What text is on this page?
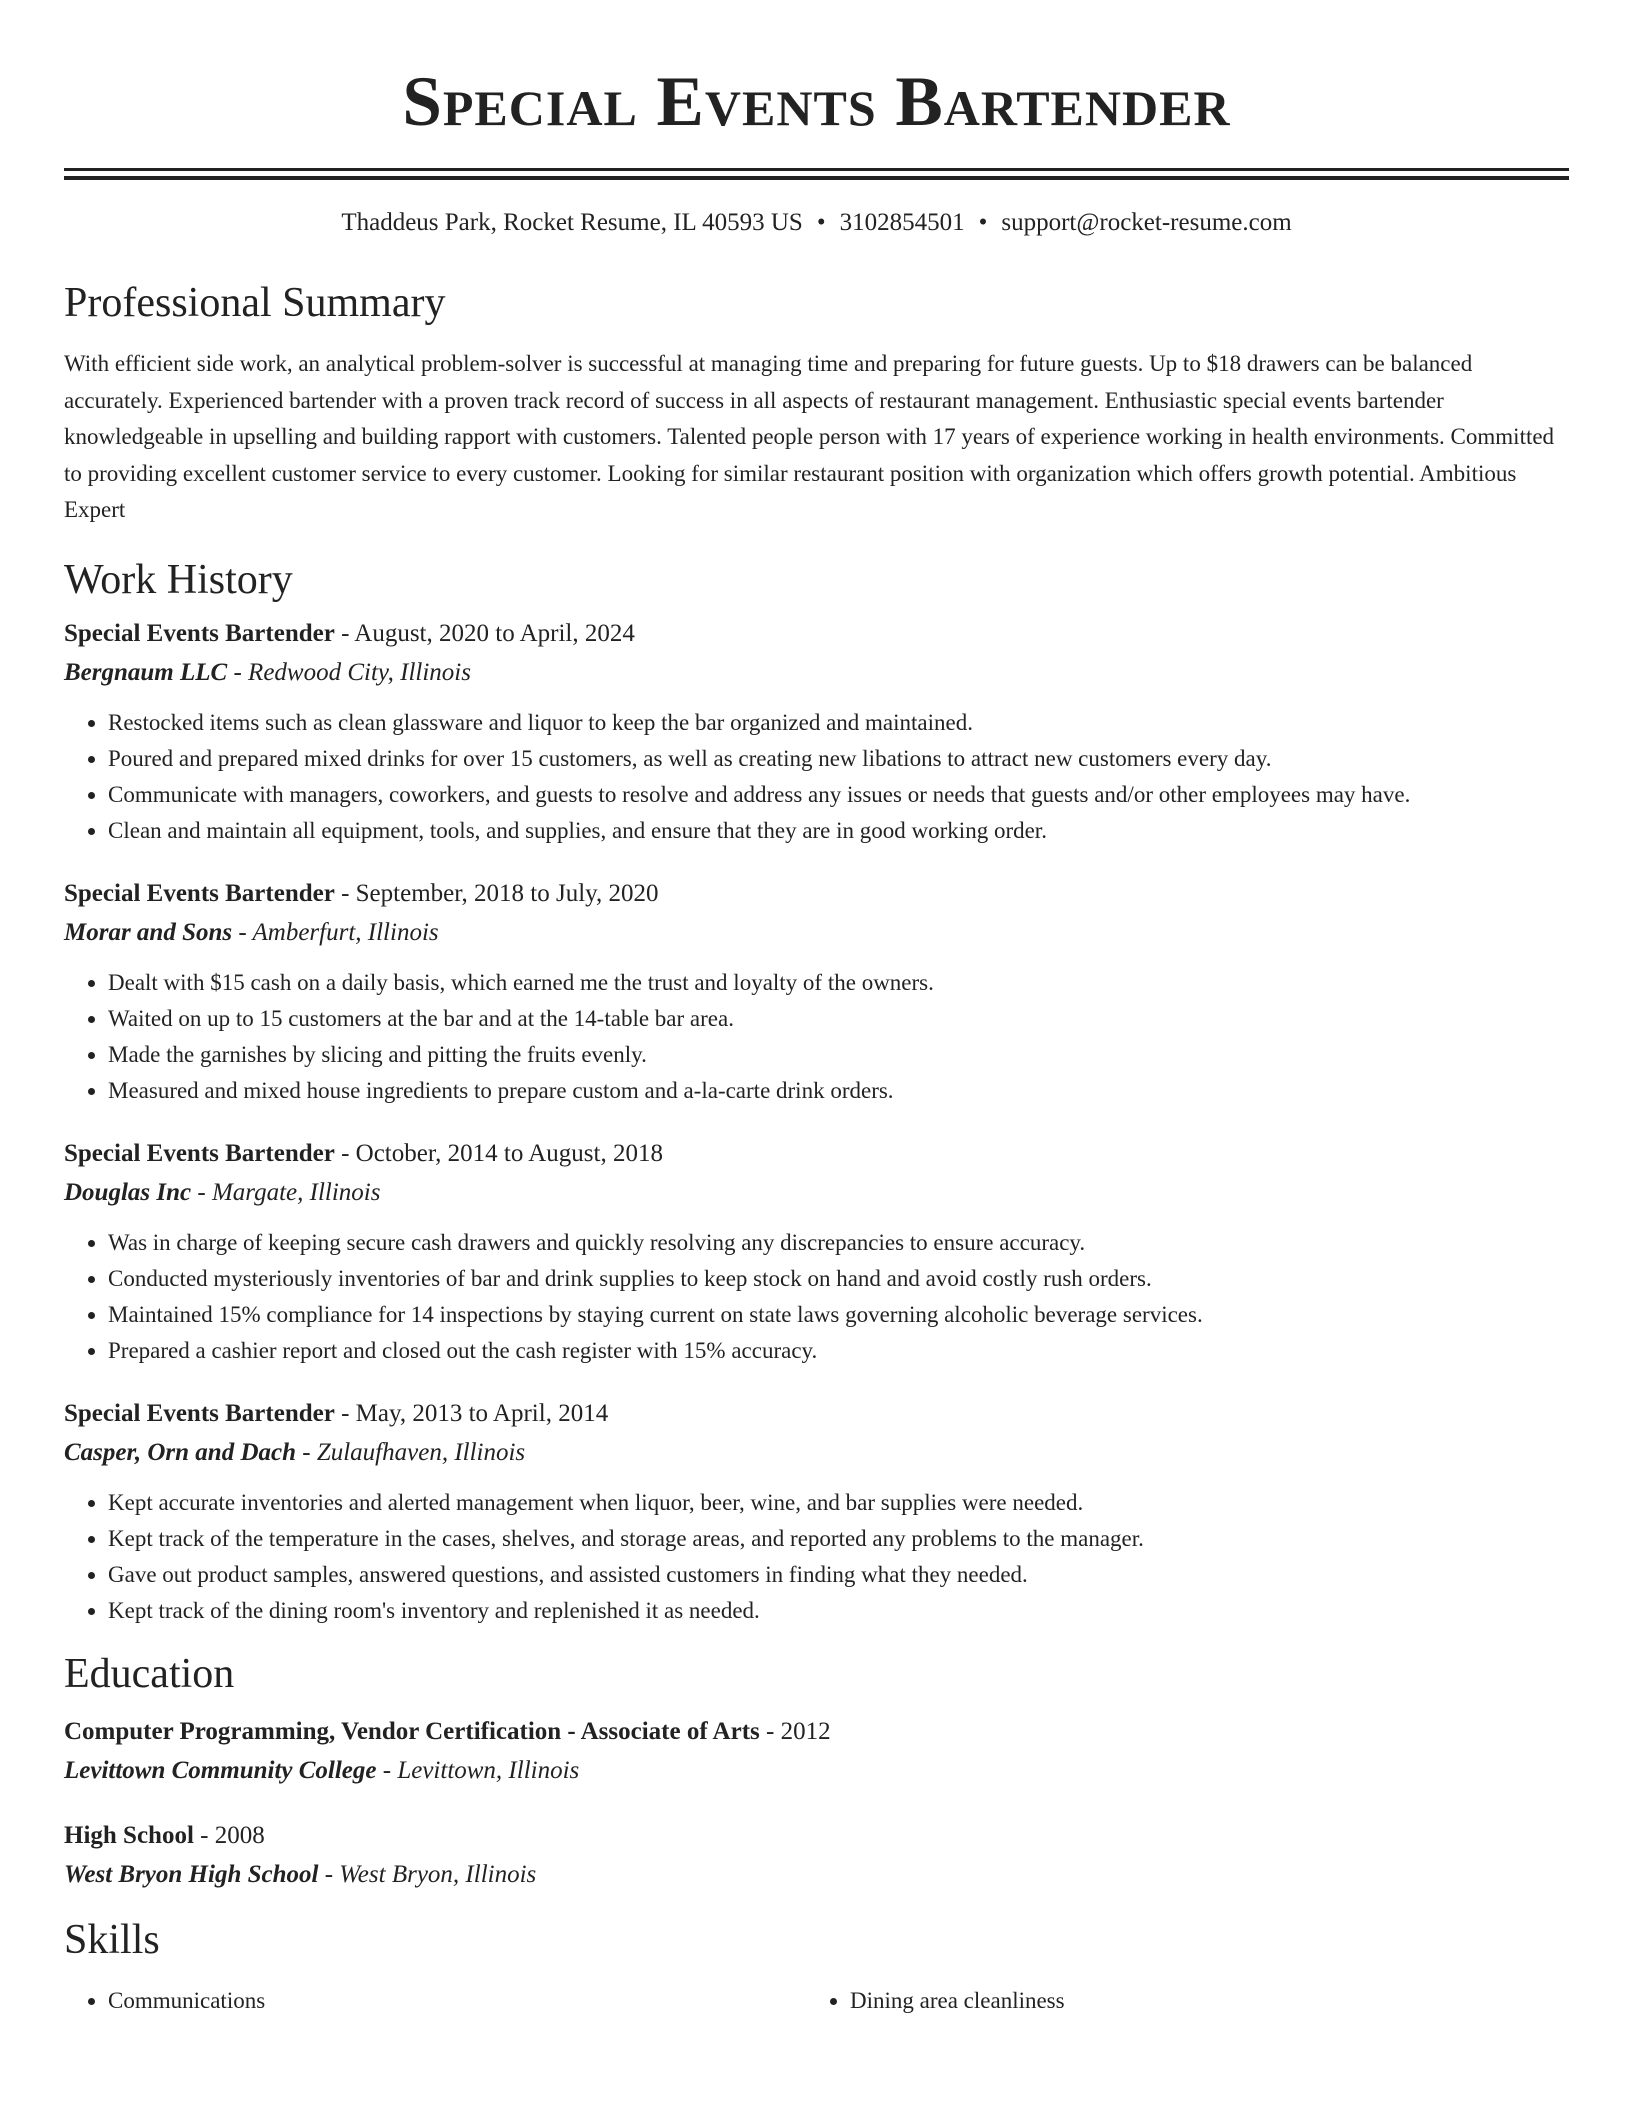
Special Events Bartender
Thaddeus Park, Rocket Resume, IL 40593 US • 3102854501 • support@rocket-resume.com
Professional Summary
With efficient side work, an analytical problem-solver is successful at managing time and preparing for future guests. Up to $18 drawers can be balanced accurately. Experienced bartender with a proven track record of success in all aspects of restaurant management. Enthusiastic special events bartender knowledgeable in upselling and building rapport with customers. Talented people person with 17 years of experience working in health environments. Committed to providing excellent customer service to every customer. Looking for similar restaurant position with organization which offers growth potential. Ambitious Expert
Work History
Special Events Bartender - August, 2020 to April, 2024
Bergnaum LLC - Redwood City, Illinois
• Restocked items such as clean glassware and liquor to keep the bar organized and maintained.
• Poured and prepared mixed drinks for over 15 customers, as well as creating new libations to attract new customers every day.
• Communicate with managers, coworkers, and guests to resolve and address any issues or needs that guests and/or other employees may have.
• Clean and maintain all equipment, tools, and supplies, and ensure that they are in good working order.
Special Events Bartender - September, 2018 to July, 2020
Morar and Sons - Amberfurt, Illinois
• Dealt with $15 cash on a daily basis, which earned me the trust and loyalty of the owners.
• Waited on up to 15 customers at the bar and at the 14-table bar area.
• Made the garnishes by slicing and pitting the fruits evenly.
• Measured and mixed house ingredients to prepare custom and a-la-carte drink orders.
Special Events Bartender - October, 2014 to August, 2018
Douglas Inc - Margate, Illinois
• Was in charge of keeping secure cash drawers and quickly resolving any discrepancies to ensure accuracy.
• Conducted mysteriously inventories of bar and drink supplies to keep stock on hand and avoid costly rush orders.
• Maintained 15% compliance for 14 inspections by staying current on state laws governing alcoholic beverage services.
• Prepared a cashier report and closed out the cash register with 15% accuracy.
Special Events Bartender - May, 2013 to April, 2014
Casper, Orn and Dach - Zulaufhaven, Illinois
• Kept accurate inventories and alerted management when liquor, beer, wine, and bar supplies were needed.
• Kept track of the temperature in the cases, shelves, and storage areas, and reported any problems to the manager.
• Gave out product samples, answered questions, and assisted customers in finding what they needed.
• Kept track of the dining room's inventory and replenished it as needed.
Education
Computer Programming, Vendor Certification - Associate of Arts - 2012
Levittown Community College - Levittown, Illinois
High School - 2008
West Bryon High School - West Bryon, Illinois
Skills
• Communications
•	Dining area cleanliness
